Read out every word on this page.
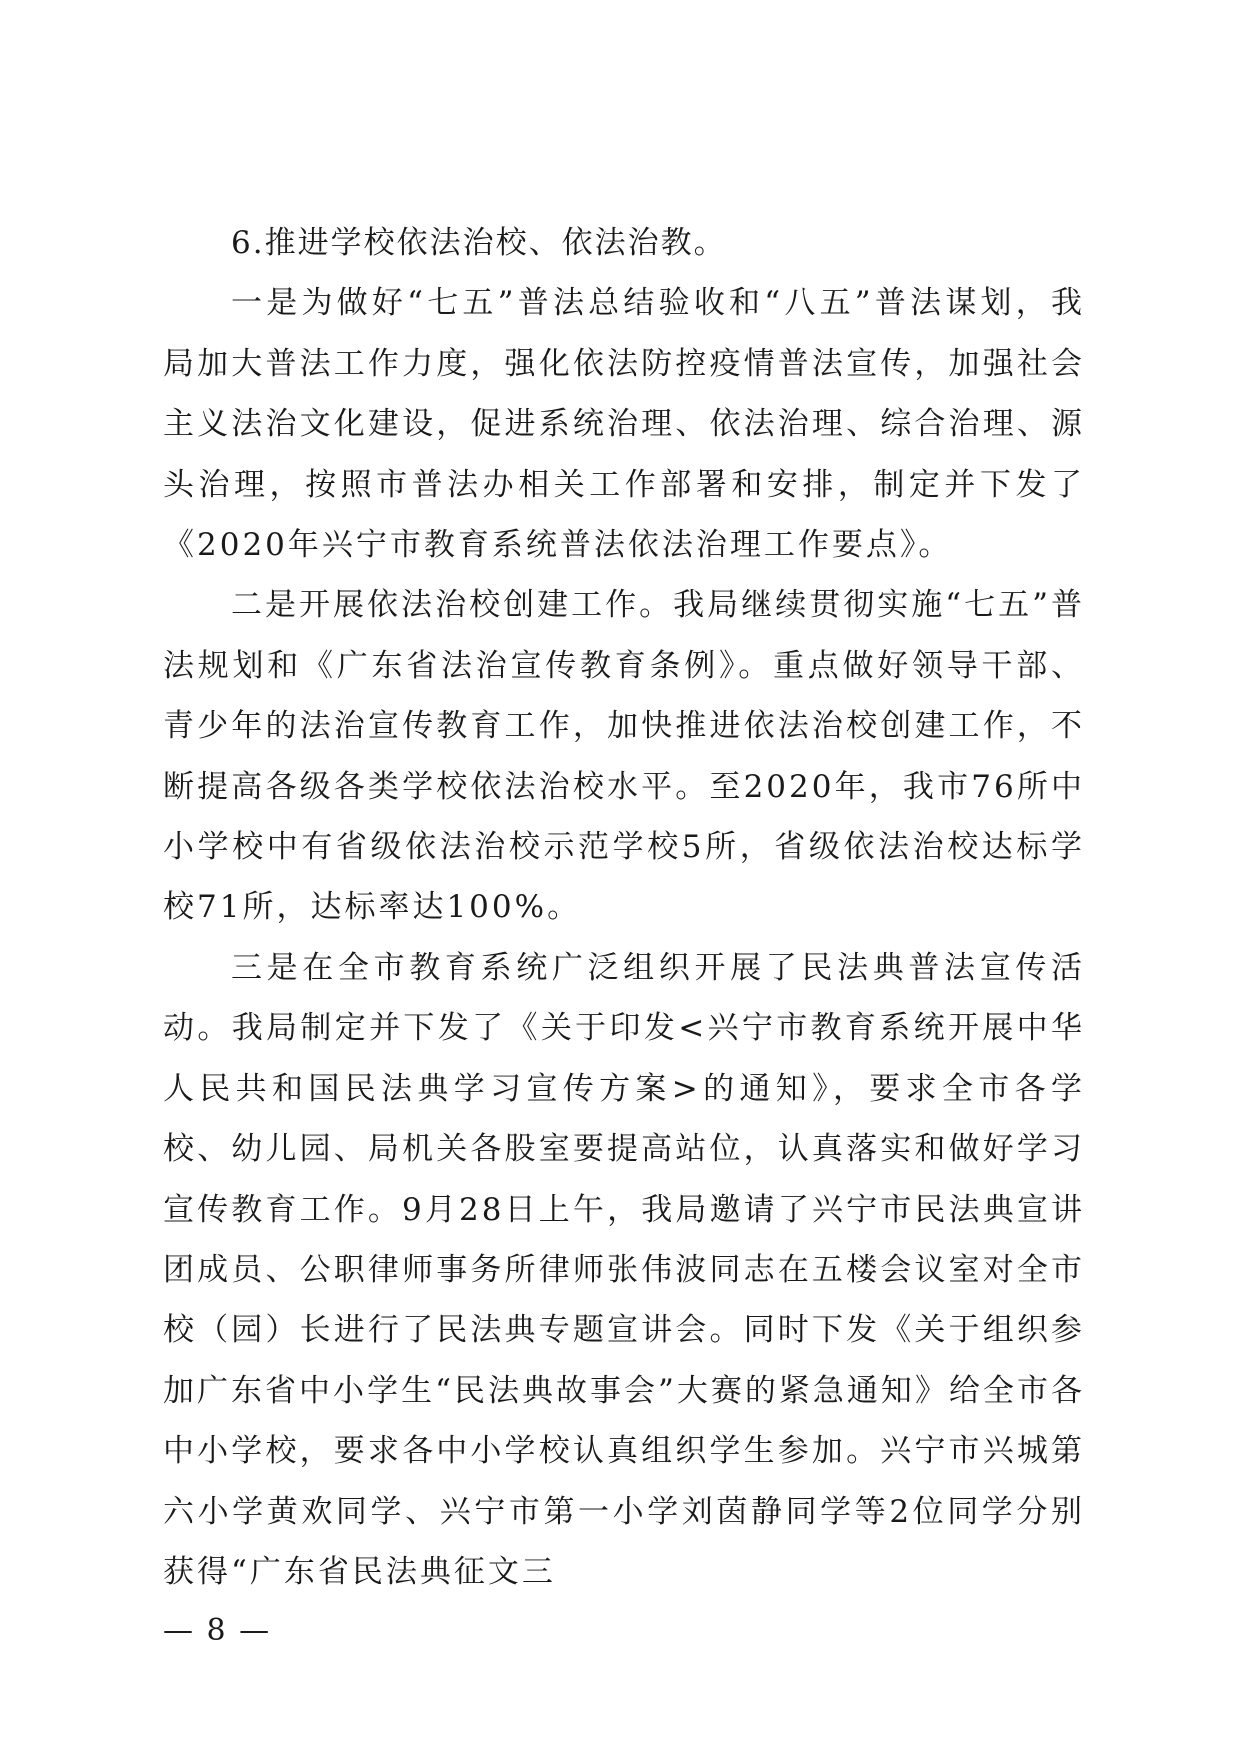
6.推进学校依法治校、依法治教。

一是为做好“七五”普法总结验收和“八五”普法谋划，我局加大普法工作力度，强化依法防控疫情普法宣传，加强社会主义法治文化建设，促进系统治理、依法治理、综合治理、源头治理，按照市普法办相关工作部署和安排，制定并下发了《2020年兴宁市教育系统普法依法治理工作要点》。

二是开展依法治校创建工作。我局继续贯彻实施“七五”普法规划和《广东省法治宣传教育条例》。重点做好领导干部、青少年的法治宣传教育工作，加快推进依法治校创建工作，不断提高各级各类学校依法治校水平。至2020年，我市76所中小学校中有省级依法治校示范学校5所，省级依法治校达标学校71所，达标率达100%。

三是在全市教育系统广泛组织开展了民法典普法宣传活动。我局制定并下发了《关于印发<兴宁市教育系统开展中华人民共和国民法典学习宣传方案>的通知》，要求全市各学校、幼儿园、局机关各股室要提高站位，认真落实和做好学习宣传教育工作。9月28日上午，我局邀请了兴宁市民法典宣讲团成员、公职律师事务所律师张伟波同志在五楼会议室对全市校（园）长进行了民法典专题宣讲会。同时下发《关于组织参加广东省中小学生“民法典故事会”大赛的紧急通知》给全市各中小学校，要求各中小学校认真组织学生参加。兴宁市兴城第六小学黄欢同学、兴宁市第一小学刘茵静同学等2位同学分别获得“广东省民法典征文三

— 8 —
